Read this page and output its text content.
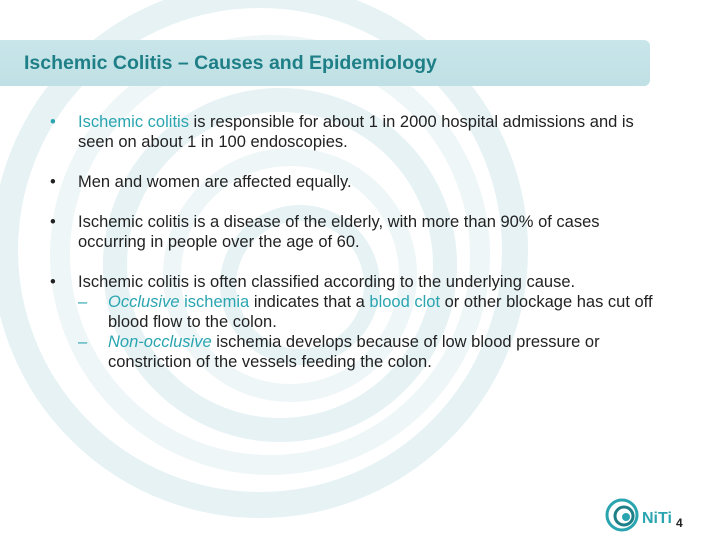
Ischemic Colitis – Causes and Epidemiology
• Ischemic colitis is responsible for about 1 in 2000 hospital admissions and is seen on about 1 in 100 endoscopies.
• Men and women are affected equally.
• Ischemic colitis is a disease of the elderly, with more than 90% of cases occurring in people over the age of 60.
• Ischemic colitis is often classified according to the underlying cause.
– Occlusive ischemia indicates that a blood clot or other blockage has cut off blood flow to the colon.
– Non-occlusive ischemia develops because of low blood pressure or constriction of the vessels feeding the colon.
NiTi 4
